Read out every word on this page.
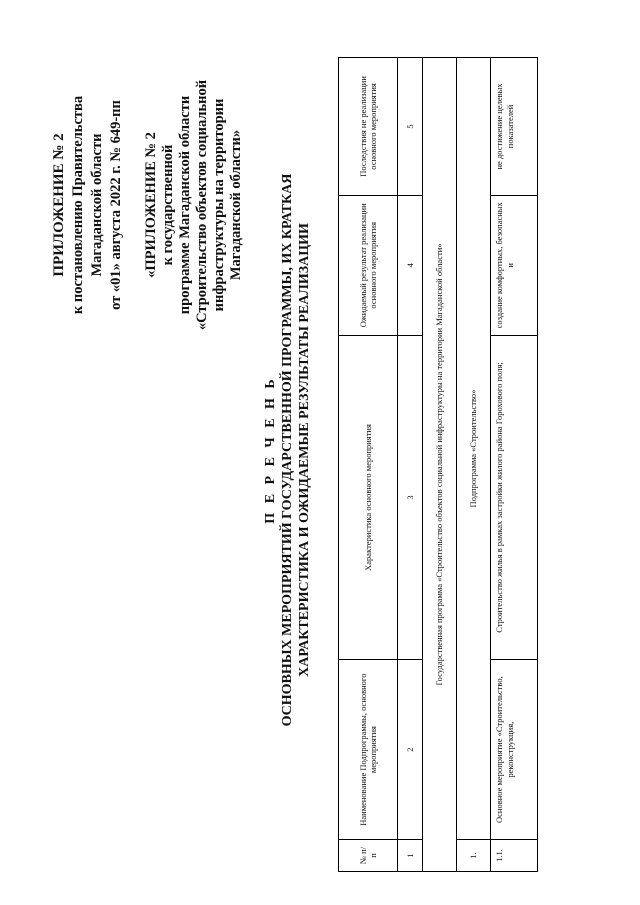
ПРИЛОЖЕНИЕ № 2 к постановлению Правительства Магаданской области от «01» августа 2022 г. № 649-пп «ПРИЛОЖЕНИЕ № 2 к государственной программе Магаданской области «Строительство объектов социальной инфраструктуры на территории Магаданской области»
П Е Р Е Ч Е Н Ь ОСНОВНЫХ МЕРОПРИЯТИЙ ГОСУДАРСТВЕННОЙ ПРОГРАММЫ, ИХ КРАТКАЯ ХАРАКТЕРИСТИКА И ОЖИДАЕМЫЕ РЕЗУЛЬТАТЫ РЕАЛИЗАЦИИ
№ п/п	Наименование Подпрограммы, основного мероприятия	Характеристика основного мероприятия	Ожидаемый результат реализации основного мероприятия	Последствия не реализации основного мероприятия
1	2	3	4	5
Государственная программа «Строительство объектов социальной инфраструктуры на территории Магаданской области»				
1.	Подпрограмма «Строительство»			
1.1.	Основное мероприятие «Строительство, реконструкция,	Строительство жилья в рамках застройки жилого района Горохового поля;	создание комфортных, безопасных и	не достижение целевых показателей
